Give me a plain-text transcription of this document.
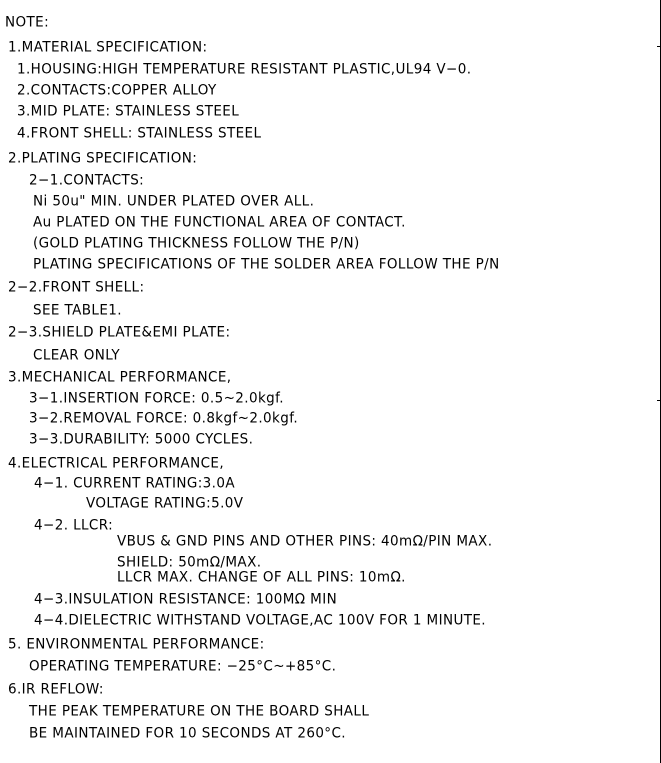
NOTE:
1.MATERIAL SPECIFICATION:
1.HOUSING:HIGH TEMPERATURE RESISTANT PLASTIC,UL94 V−0.
2.CONTACTS:COPPER ALLOY
3.MID PLATE: STAINLESS STEEL
4.FRONT SHELL: STAINLESS STEEL
2.PLATING SPECIFICATION:
2−1.CONTACTS:
Ni 50u" MIN. UNDER PLATED OVER ALL.
Au PLATED ON THE FUNCTIONAL AREA OF CONTACT.
(GOLD PLATING THICKNESS FOLLOW THE P/N)
PLATING SPECIFICATIONS OF THE SOLDER AREA FOLLOW THE P/N
2−2.FRONT SHELL:
SEE TABLE1.
2−3.SHIELD PLATE&EMI PLATE:
CLEAR ONLY
3.MECHANICAL PERFORMANCE,
3−1.INSERTION FORCE: 0.5~2.0kgf.
3−2.REMOVAL FORCE: 0.8kgf~2.0kgf.
3−3.DURABILITY: 5000 CYCLES.
4.ELECTRICAL PERFORMANCE,
4−1. CURRENT RATING:3.0A
VOLTAGE RATING:5.0V
4−2. LLCR:
VBUS & GND PINS AND OTHER PINS: 40mΩ/PIN MAX.
SHIELD: 50mΩ/MAX.
LLCR MAX. CHANGE OF ALL PINS: 10mΩ.
4−3.INSULATION RESISTANCE: 100MΩ MIN
4−4.DIELECTRIC WITHSTAND VOLTAGE,AC 100V FOR 1 MINUTE.
5. ENVIRONMENTAL PERFORMANCE:
OPERATING TEMPERATURE: −25°C~+85°C.
6.IR REFLOW:
THE PEAK TEMPERATURE ON THE BOARD SHALL
BE MAINTAINED FOR 10 SECONDS AT 260°C.
